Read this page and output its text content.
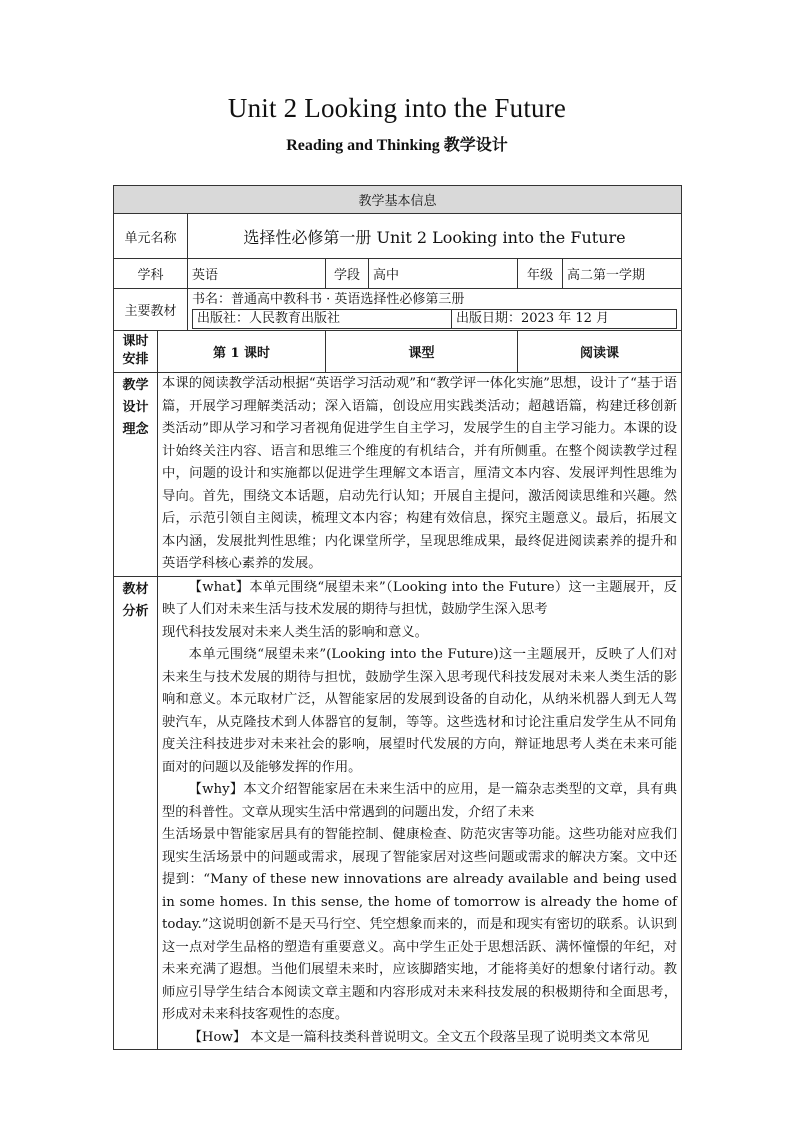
Unit 2 Looking into the Future
Reading and Thinking 教学设计
教学基本信息
单元名称	选择性必修第一册 Unit 2 Looking into the Future
学科	英语	学段	高中	年级	高二第一学期
主要教材	
书名：普通高中教科书 · 英语选择性必修第三册
出版社：人民教育出版社	出版日期：2023 年 12 月

课时
安排	第 1 课时	课型	阅读课

教学
设计
理念

本课的阅读教学活动根据“英语学习活动观”和“教学评一体化实施”思想，设计了“基于语篇，开展学习理解类活动；深入语篇，创设应用实践类活动；超越语篇，构建迁移创新类活动”即从学习和学习者视角促进学生自主学习，发展学生的自主学习能力。本课的设计始终关注内容、语言和思维三个维度的有机结合，并有所侧重。在整个阅读教学过程中，问题的设计和实施都以促进学生理解文本语言，厘清文本内容、发展评判性思维为导向。首先，围绕文本话题，启动先行认知；开展自主提问，激活阅读思维和兴趣。然后，示范引领自主阅读，梳理文本内容；构建有效信息，探究主题意义。最后，拓展文本内涵，发展批判性思维；内化课堂所学，呈现思维成果，最终促进阅读素养的提升和英语学科核心素养的发展。

教材
分析

【what】本单元围绕“展望未来”（Looking into the Future）这一主题展开，反映了人们对未来生活与技术发展的期待与担忧，鼓励学生深入思考

现代科技发展对未来人类生活的影响和意义。

本单元围绕“展望未来”(Looking into the Future)这一主题展开，反映了人们对未来生与技术发展的期待与担忧，鼓励学生深入思考现代科技发展对未来人类生活的影响和意义。本元取材广泛，从智能家居的发展到设备的自动化，从纳米机器人到无人驾驶汽车，从克隆技术到人体器官的复制，等等。这些选材和讨论注重启发学生从不同角度关注科技进步对未来社会的影响，展望时代发展的方向，辩证地思考人类在未来可能面对的问题以及能够发挥的作用。

【why】本文介绍智能家居在未来生活中的应用，是一篇杂志类型的文章，具有典型的科普性。文章从现实生活中常遇到的问题出发，介绍了未来

生活场景中智能家居具有的智能控制、健康检查、防范灾害等功能。这些功能对应我们现实生活场景中的问题或需求，展现了智能家居对这些问题或需求的解决方案。文中还提到：“Many of these new innovations are already available and being used in some homes. In this sense, the home of tomorrow is already the home of today.”这说明创新不是天马行空、凭空想象而来的，而是和现实有密切的联系。认识到这一点对学生品格的塑造有重要意义。高中学生正处于思想活跃、满怀憧憬的年纪，对未来充满了遐想。当他们展望未来时，应该脚踏实地，才能将美好的想象付诸行动。教师应引导学生结合本阅读文章主题和内容形成对未来科技发展的积极期待和全面思考，形成对未来科技客观性的态度。

【How】 本文是一篇科技类科普说明文。全文五个段落呈现了说明类文本常见
